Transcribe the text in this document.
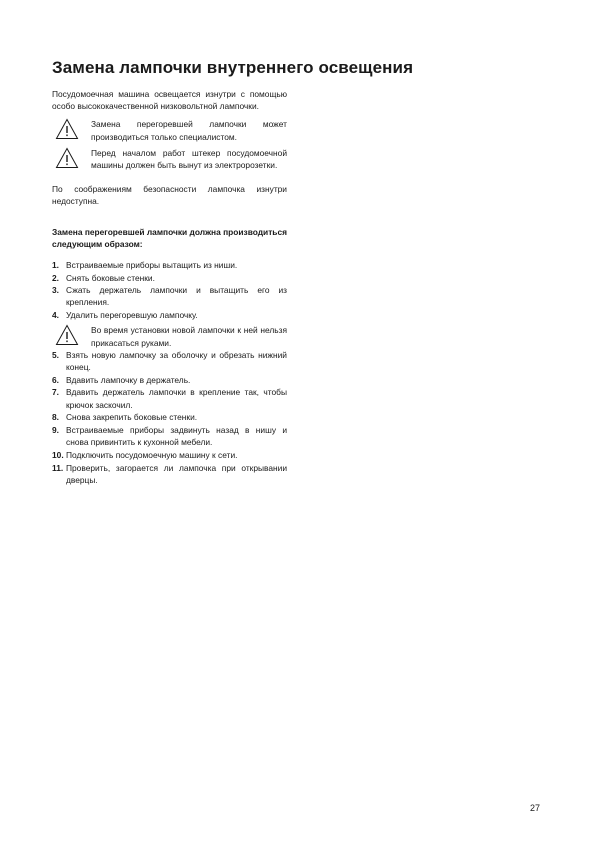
Замена лампочки внутреннего освещения

Посудомоечная машина освещается изнутри с помощью особо высококачественной низковольтной лампочки.

Замена перегоревшей лампочки может производиться только специалистом.
Перед началом работ штекер посудомоечной машины должен быть вынут из электророзетки.

По соображениям безопасности лампочка изнутри недоступна.

Замена перегоревшей лампочки должна производиться следующим образом:

1. Встраиваемые приборы вытащить из ниши.
2. Снять боковые стенки.
3. Сжать держатель лампочки и вытащить его из крепления.
4. Удалить перегоревшую лампочку.
Во время установки новой лампочки к ней нельзя прикасаться руками.
5. Взять новую лампочку за оболочку и обрезать нижний конец.
6. Вдавить лампочку в держатель.
7. Вдавить держатель лампочки в крепление так, чтобы крючок заскочил.
8. Снова закрепить боковые стенки.
9. Встраиваемые приборы задвинуть назад в нишу и снова привинтить к кухонной мебели.
10. Подключить посудомоечную машину к сети.
11. Проверить, загорается ли лампочка при открывании дверцы.
27
